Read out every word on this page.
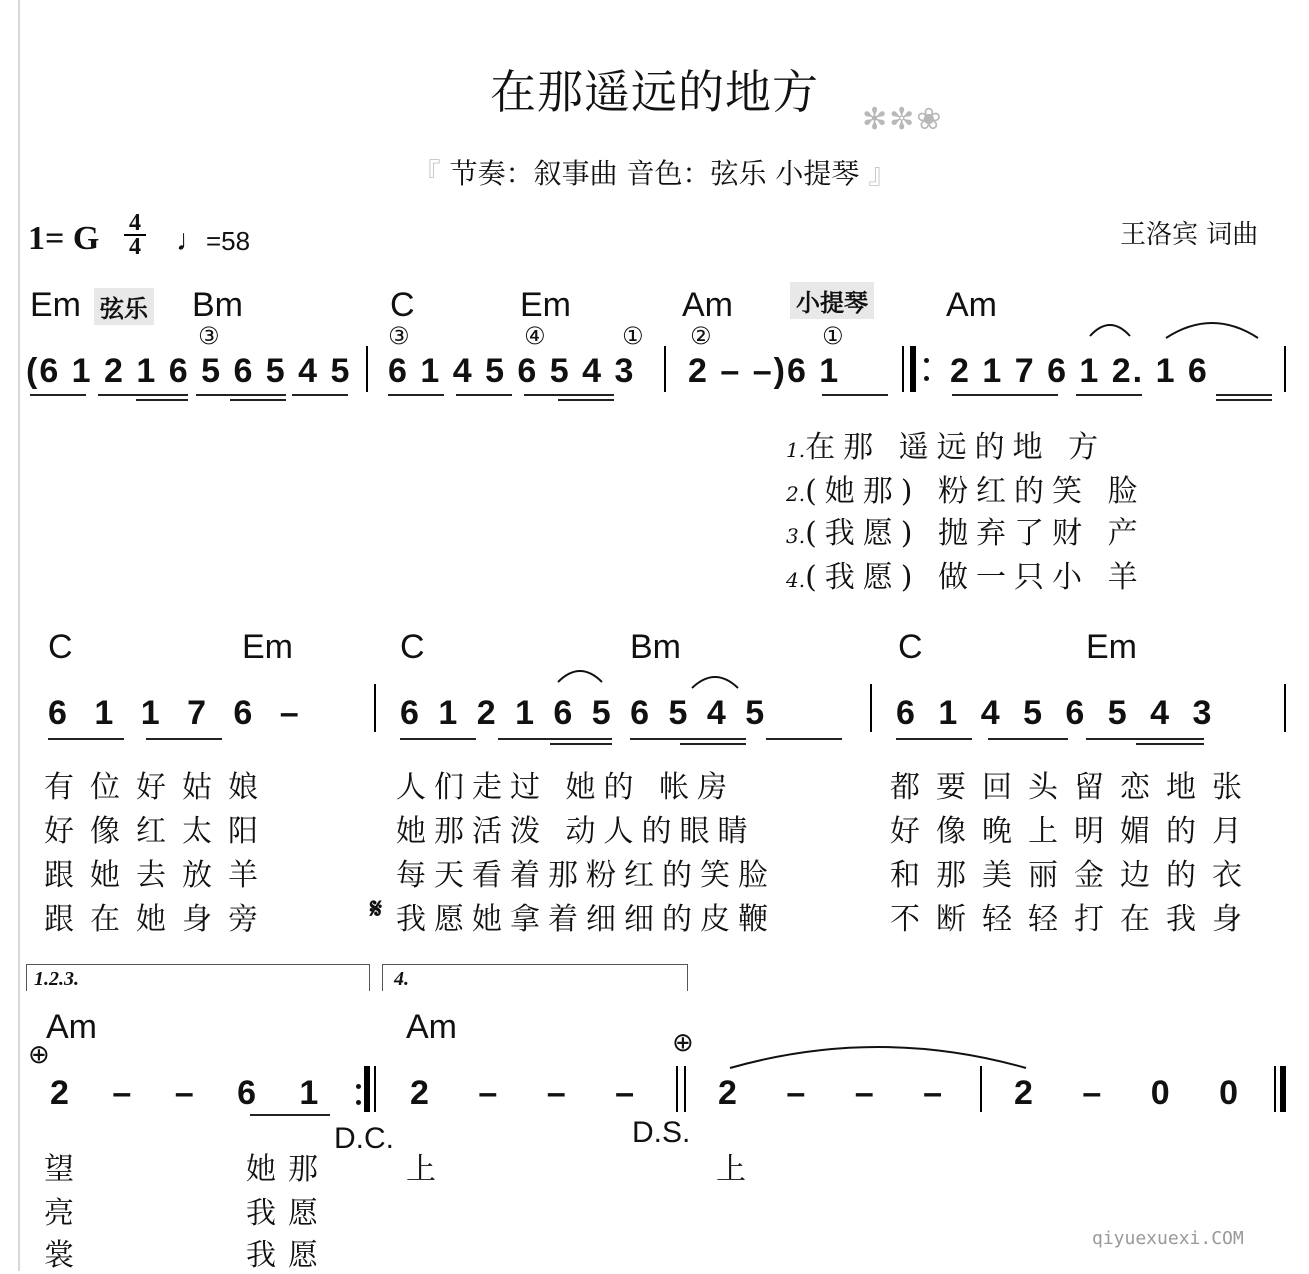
在那遥远的地方
✻✼❀
『 节奏：叙事曲 音色：弦乐 小提琴 』
1= G 4
4 ♩=58	王洛宾 词曲
Em 弦乐 Bm	C	Em	Am	小提琴 Am
③	③	④	① ②	①
(6 1 2 1 6 5 6 5 4 5 6 1 4 5 6 5 4 3 2 – –)6 1	2 1 7 6 1 2. 1 6
1.在那 遥远的地 方
2.(她那) 粉红的笑 脸
3.(我愿) 抛弃了财 产
4.(我愿) 做一只小 羊
C	Em	C	Bm	C	Em
6 1 1 7 6 –	6 1 2 1 6 5 6 5 4 5	6 1 4 5 6 5 4 3
有位好姑娘	人们走过 她的 帐房	都要回头留恋地张
好像红太阳	她那活泼 动人的眼睛	好像晚上明媚的月
跟她去放羊	每天看着那粉红的笑脸	和那美丽金边的衣
跟在她身旁	𝄋 我愿她拿着细细的皮鞭	不断轻轻打在我身
1.2.3.	4.
Am	Am
⊕	⊕
2 – – 6 1	2 – – – 2 – – – 2 – 0 0
D.C.	D.S.
望	她那	上	上
亮	我愿
裳	我愿	qiyuexuexi.COM
